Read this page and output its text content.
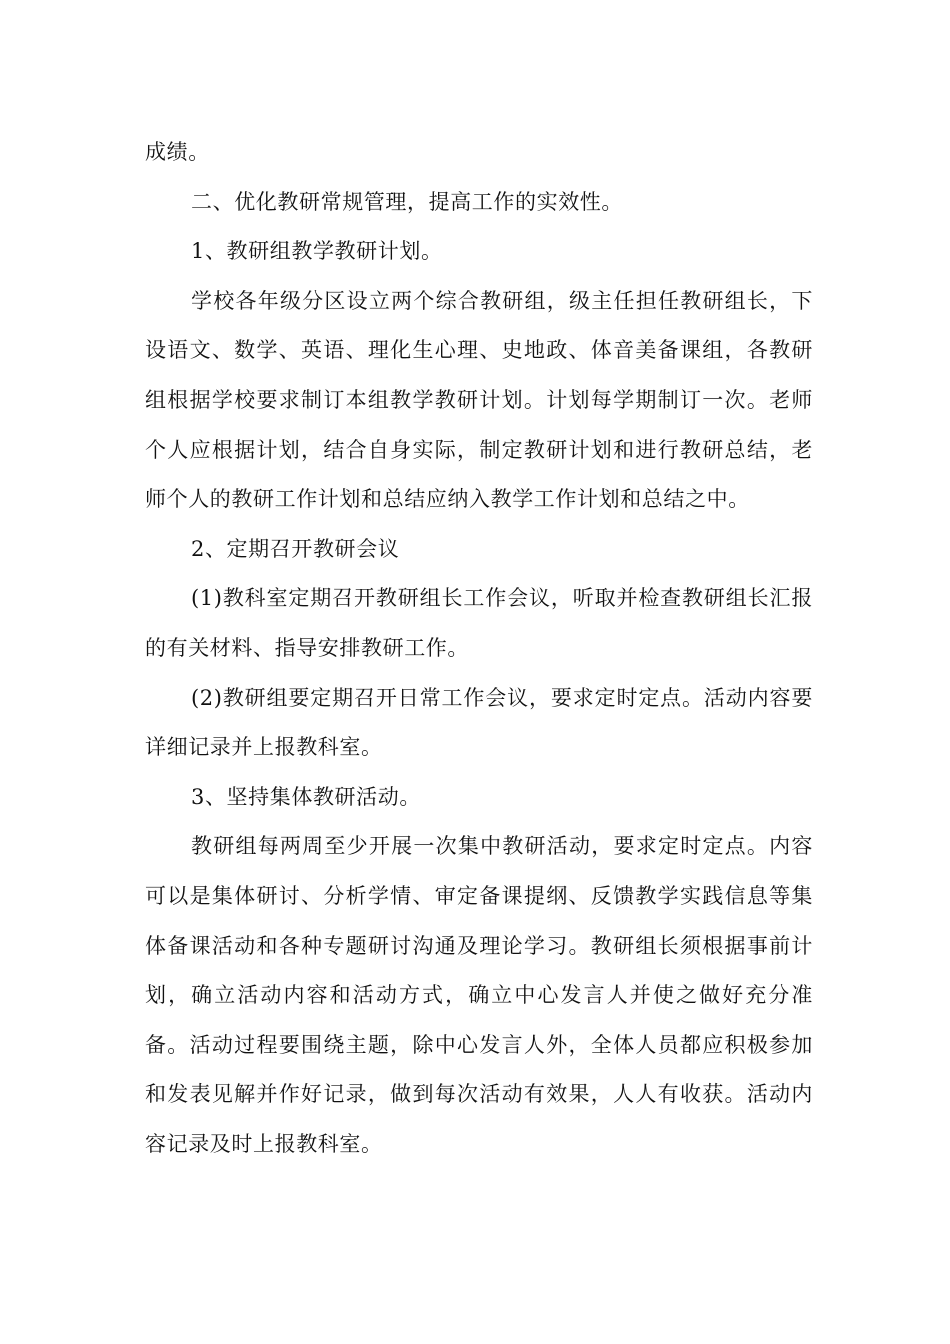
成绩。

二、优化教研常规管理，提高工作的实效性。

1、教研组教学教研计划。

学校各年级分区设立两个综合教研组，级主任担任教研组长，下设语文、数学、英语、理化生心理、史地政、体音美备课组，各教研组根据学校要求制订本组教学教研计划。计划每学期制订一次。老师个人应根据计划，结合自身实际，制定教研计划和进行教研总结，老师个人的教研工作计划和总结应纳入教学工作计划和总结之中。

2、定期召开教研会议

(1)教科室定期召开教研组长工作会议，听取并检查教研组长汇报的有关材料、指导安排教研工作。

(2)教研组要定期召开日常工作会议，要求定时定点。活动内容要详细记录并上报教科室。

3、坚持集体教研活动。

教研组每两周至少开展一次集中教研活动，要求定时定点。内容可以是集体研讨、分析学情、审定备课提纲、反馈教学实践信息等集体备课活动和各种专题研讨沟通及理论学习。教研组长须根据事前计划，确立活动内容和活动方式，确立中心发言人并使之做好充分准备。活动过程要围绕主题，除中心发言人外，全体人员都应积极参加和发表见解并作好记录，做到每次活动有效果，人人有收获。活动内容记录及时上报教科室。
